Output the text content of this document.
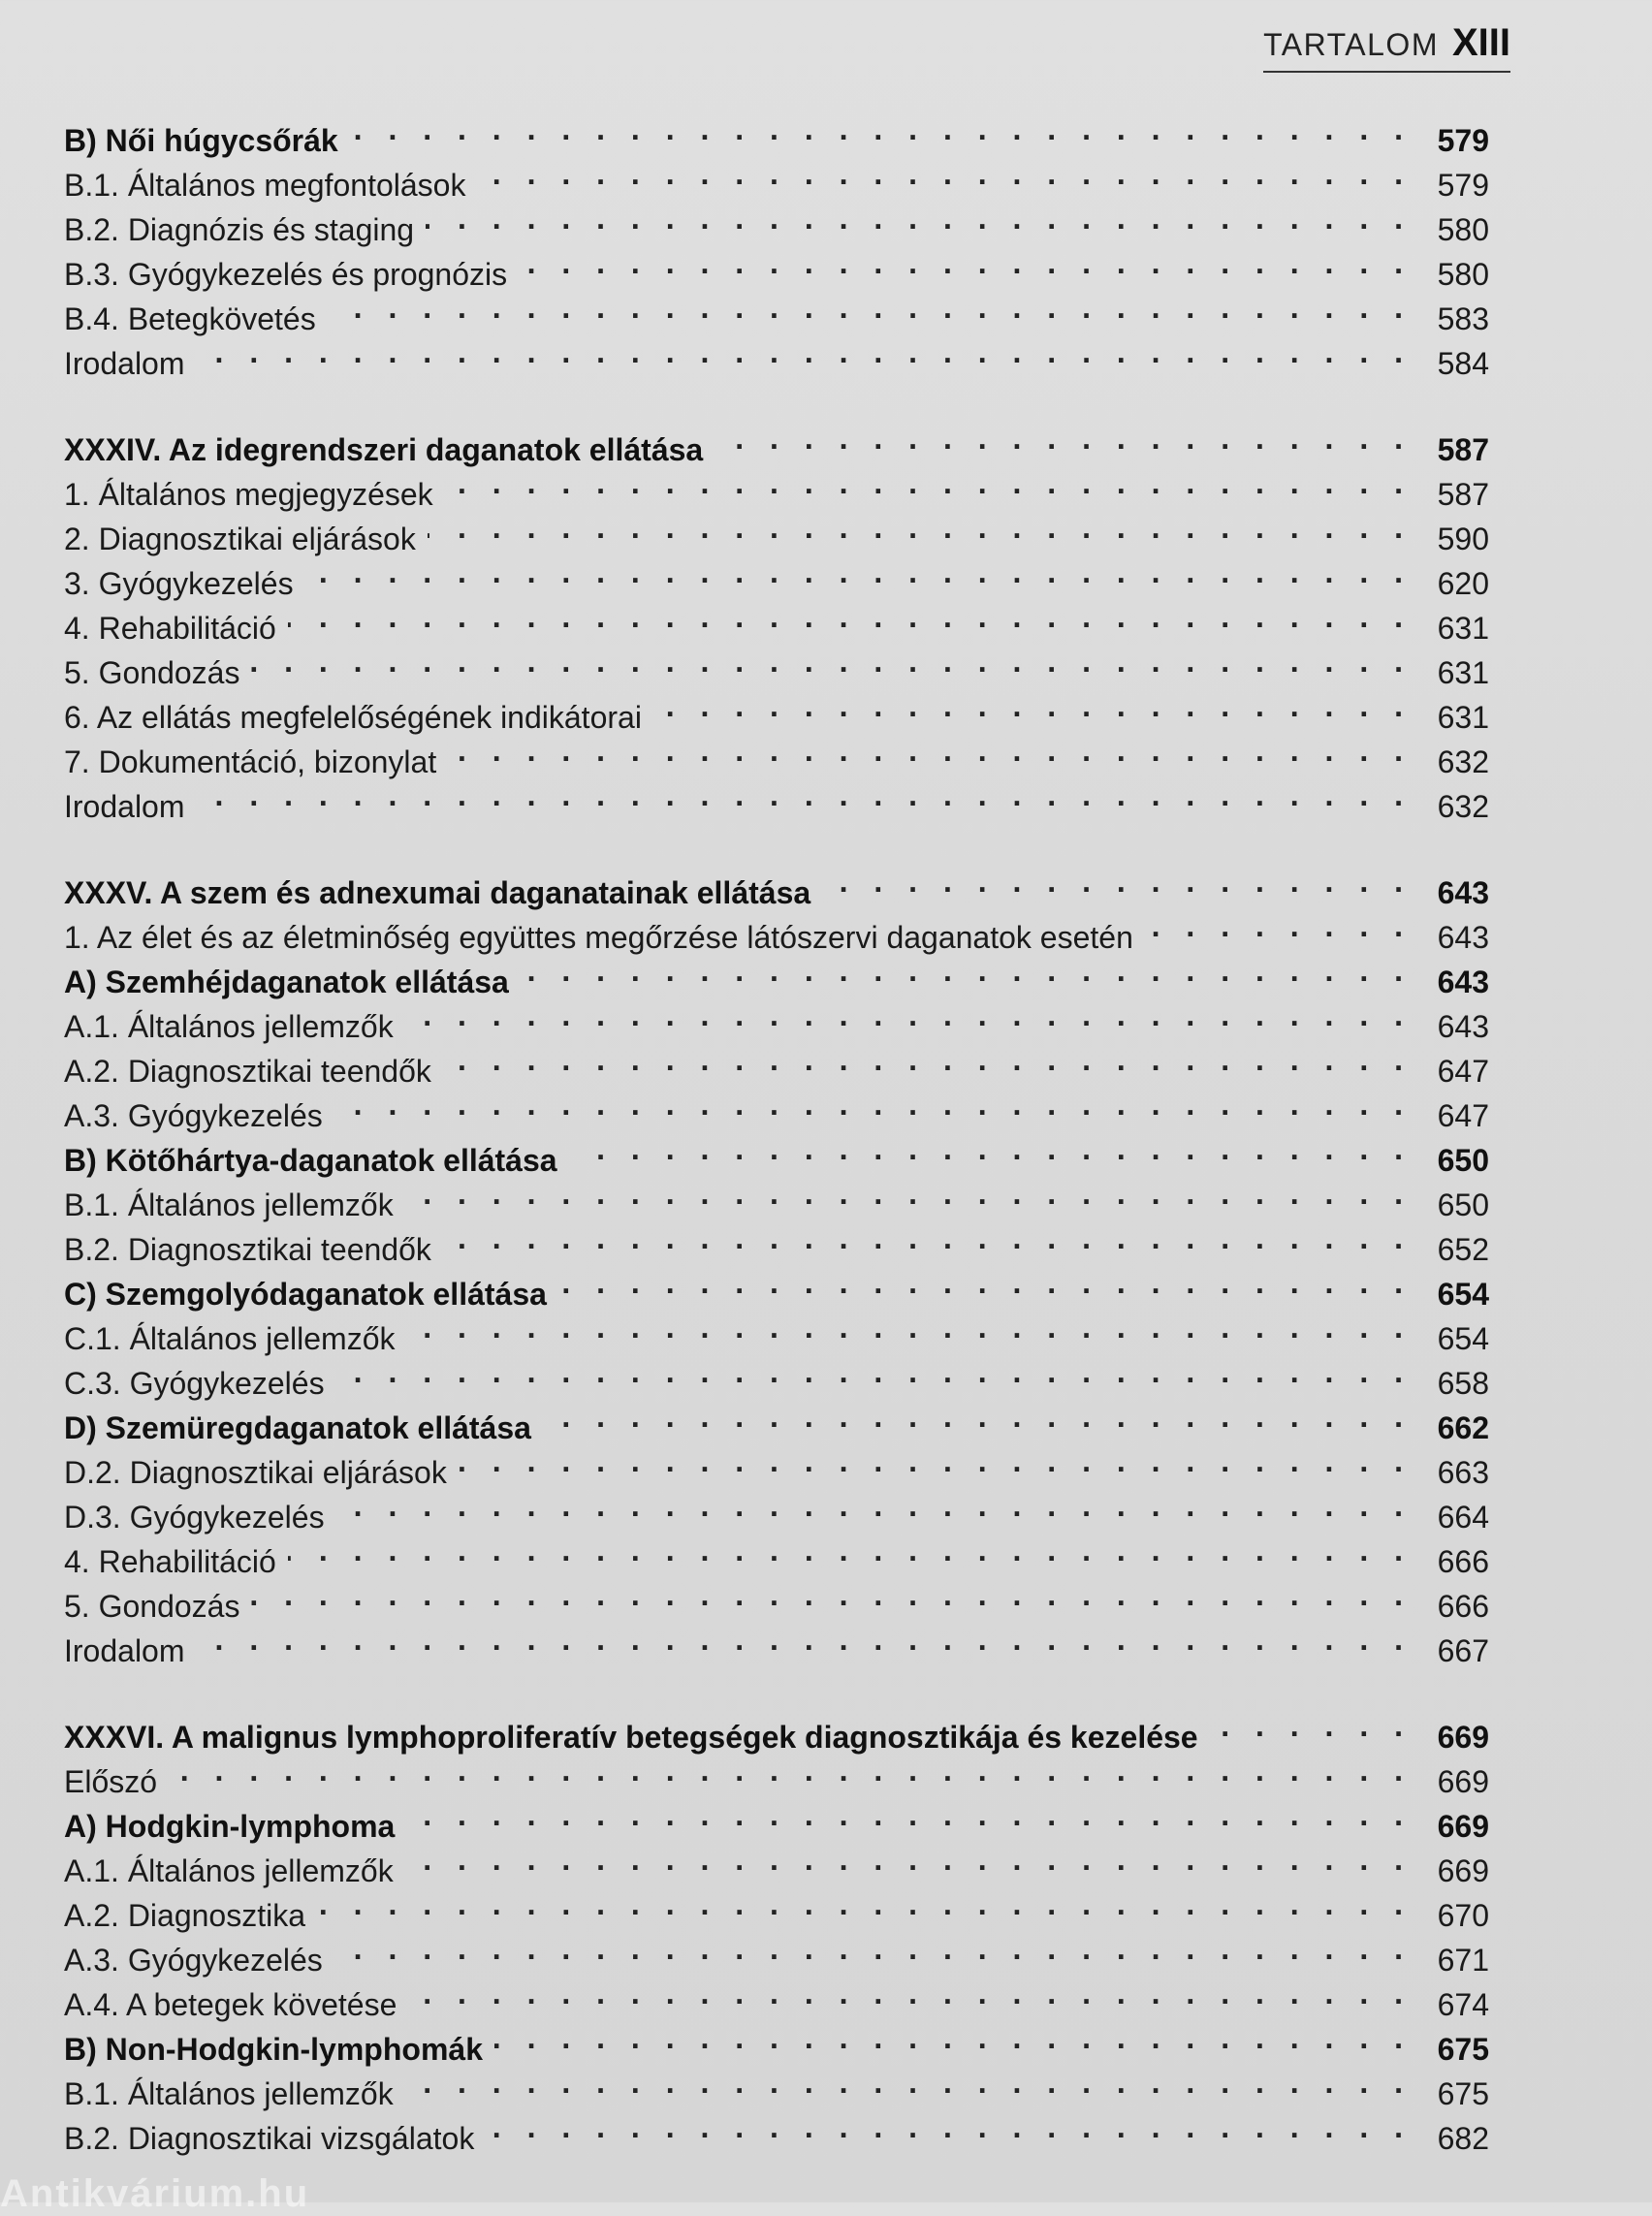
TARTALOM XIII
B) Női húgycsőrák . . .	579
B.1. Általános megfontolások . . .	579
B.2. Diagnózis és staging . . .	580
B.3. Gyógykezelés és prognózis . . .	580
B.4. Betegkövetés . . .	583
Irodalom . . .	584
XXXIV. Az idegrendszeri daganatok ellátása . . .	587
1. Általános megjegyzések . . .	587
2. Diagnosztikai eljárások . . .	590
3. Gyógykezelés . . .	620
4. Rehabilitáció . . .	631
5. Gondozás . . .	631
6. Az ellátás megfelelőségének indikátorai . . .	631
7. Dokumentáció, bizonylat . . .	632
Irodalom . . .	632
XXXV. A szem és adnexumai daganatainak ellátása . . .	643
1. Az élet és az életminőség együttes megőrzése látószervi daganatok esetén . . .	643
A) Szemhéjdaganatok ellátása . . .	643
A.1. Általános jellemzők . . .	643
A.2. Diagnosztikai teendők . . .	647
A.3. Gyógykezelés . . .	647
B) Kötőhártya-daganatok ellátása . . .	650
B.1. Általános jellemzők . . .	650
B.2. Diagnosztikai teendők . . .	652
C) Szemgolyódaganatok ellátása . . .	654
C.1. Általános jellemzők . . .	654
C.3. Gyógykezelés . . .	658
D) Szemüregdaganatok ellátása . . .	662
D.2. Diagnosztikai eljárások . . .	663
D.3. Gyógykezelés . . .	664
4. Rehabilitáció . . .	666
5. Gondozás . . .	666
Irodalom . . .	667
XXXVI. A malignus lymphoproliferatív betegségek diagnosztikája és kezelése . . .	669
Előszó . . .	669
A) Hodgkin-lymphoma . . .	669
A.1. Általános jellemzők . . .	669
A.2. Diagnosztika . . .	670
A.3. Gyógykezelés . . .	671
A.4. A betegek követése . . .	674
B) Non-Hodgkin-lymphomák . . .	675
B.1. Általános jellemzők . . .	675
B.2. Diagnosztikai vizsgálatok . . .	682
Antikvárium.hu
